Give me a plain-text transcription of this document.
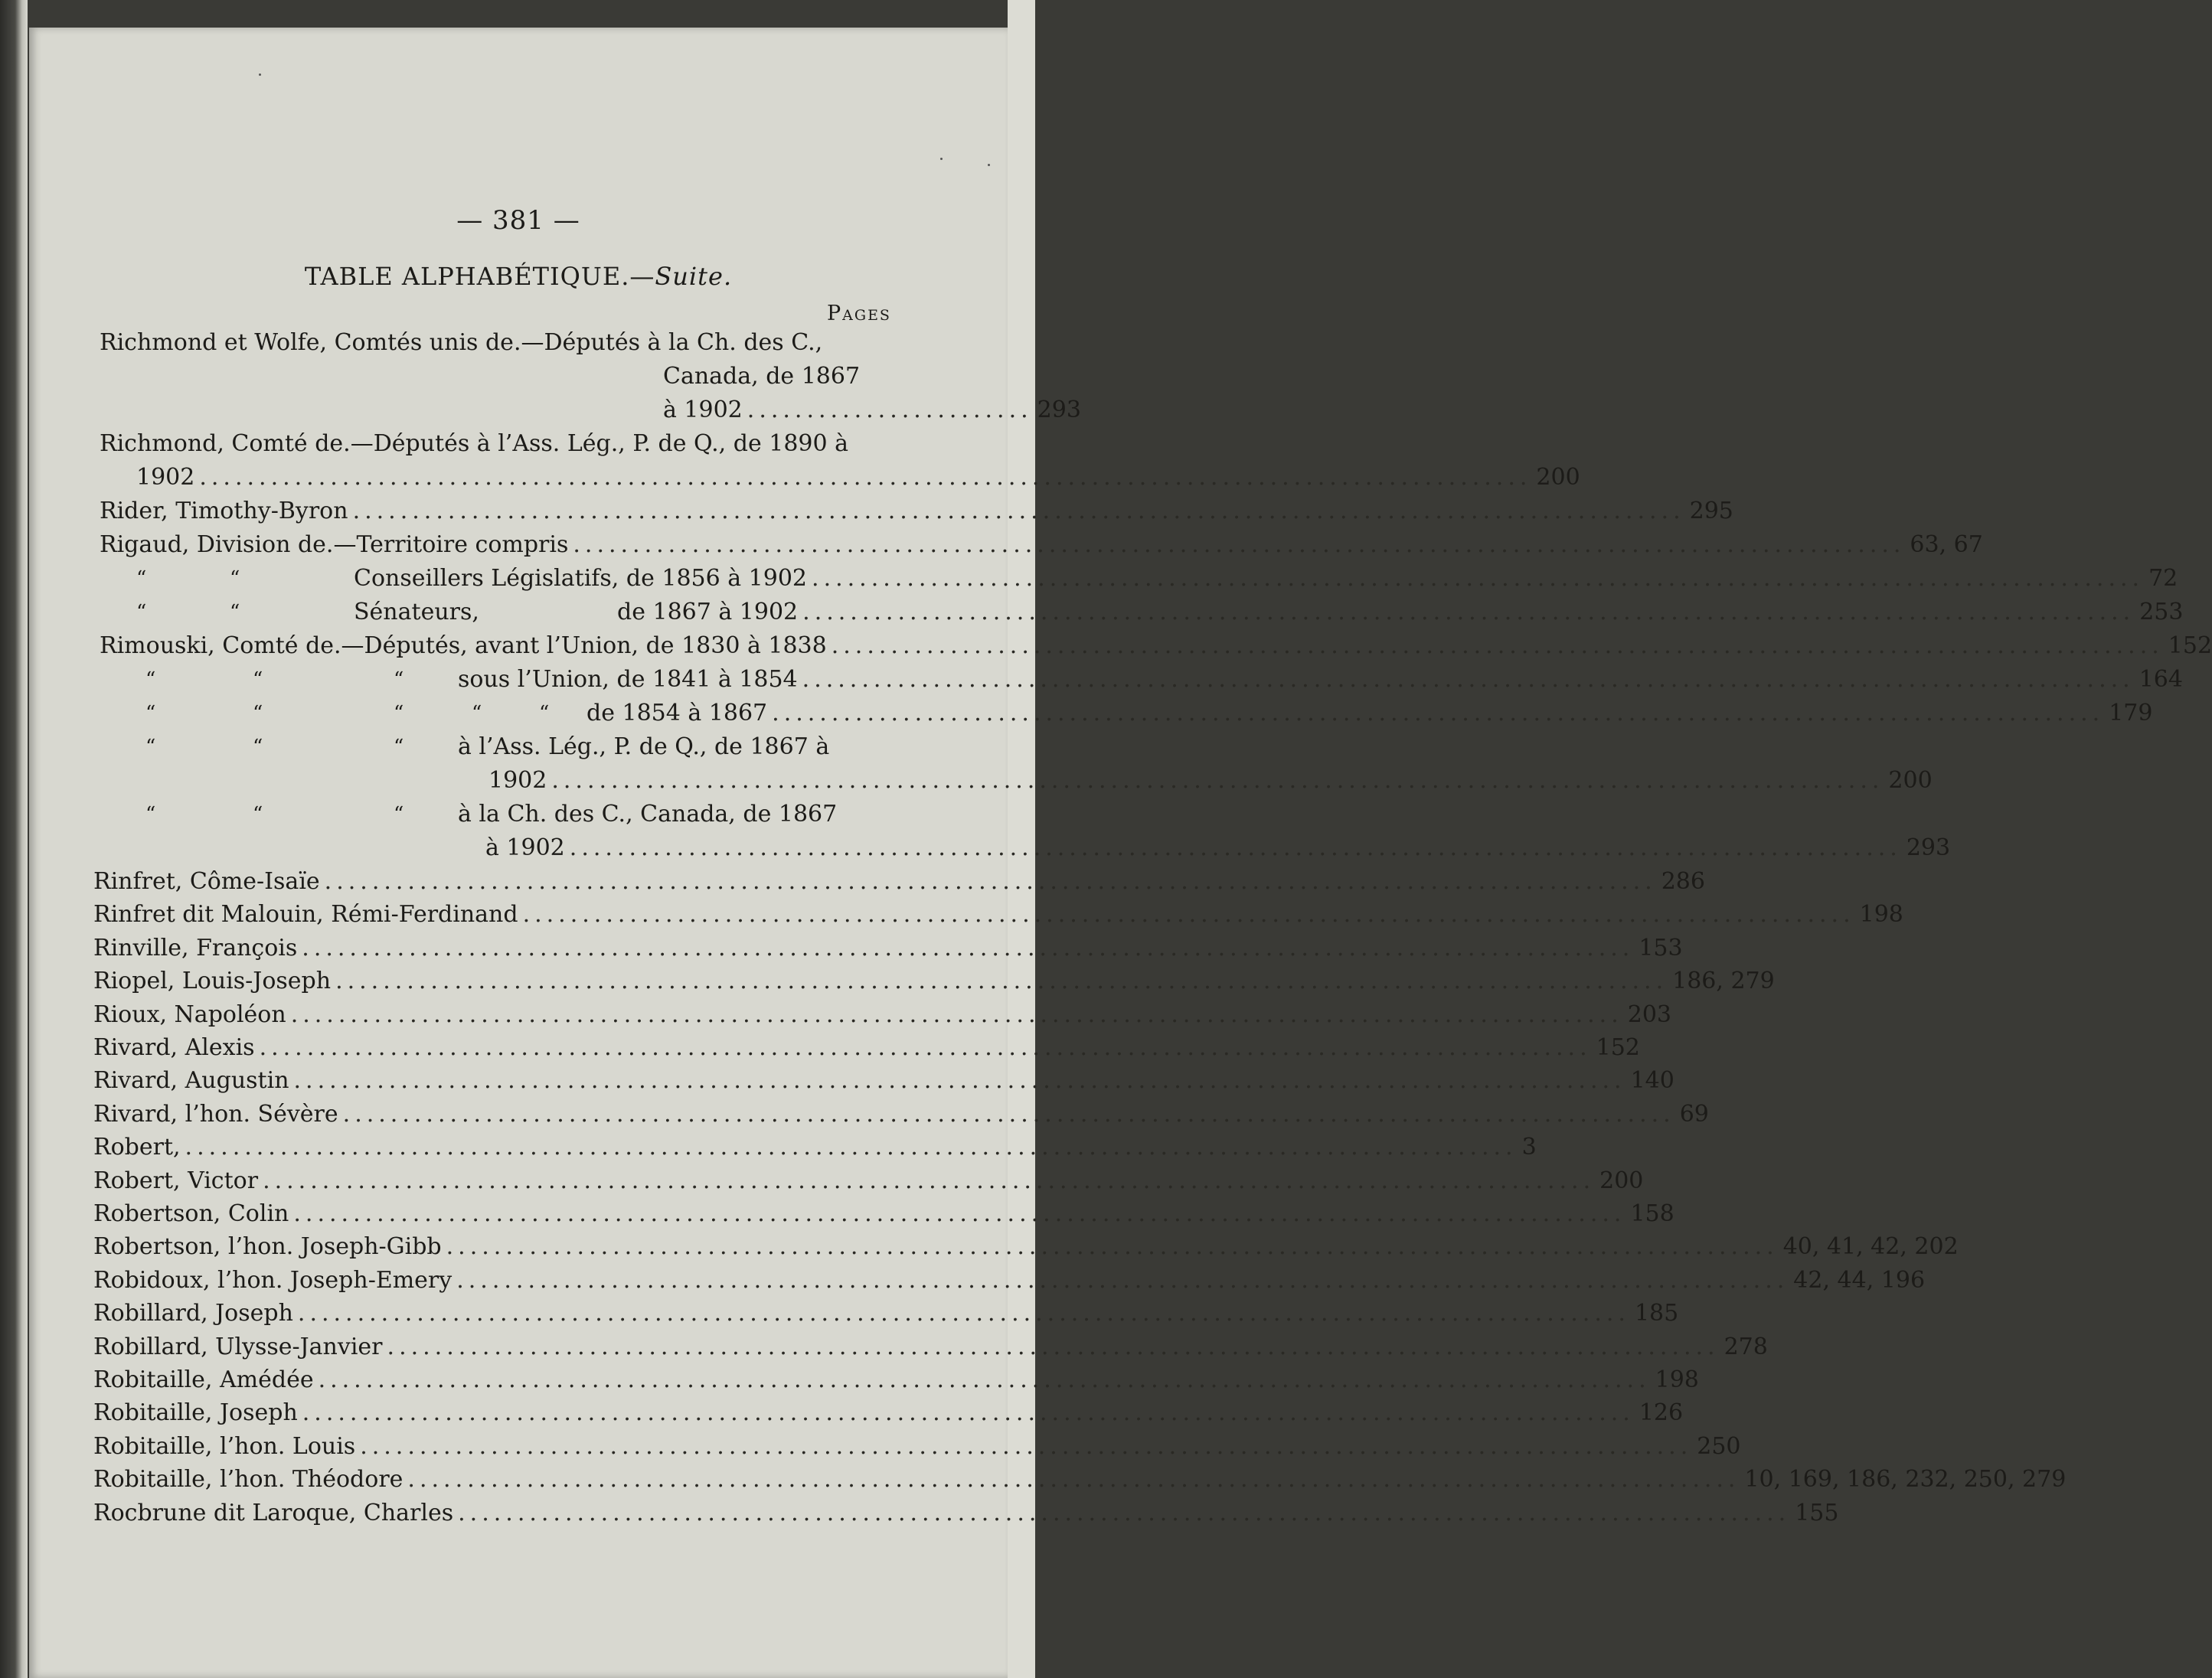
— 381 —
TABLE ALPHABÉTIQUE.—Suite.
Pages
Richmond et Wolfe, Comtés unis de.—Députés à la Ch. des C.,
Canada, de 1867
à 1902 ........................ 293
Richmond, Comté de.—Députés à l’Ass. Lég., P. de Q., de 1890 à
1902 ................................................................................................................ 200
Rider, Timothy-Byron ................................................................................................................ 295
Rigaud, Division de.—Territoire compris ................................................................................................................ 63, 67
“	“	Conseillers Législatifs, de 1856 à 1902 ................................................................................................................ 72
“	“	Sénateurs,	de 1867 à 1902 ................................................................................................................ 253
Rimouski, Comté de.—Députés, avant l’Union, de 1830 à 1838 ................................................................................................................ 152
“	“	“ sous l’Union, de 1841 à 1854 ................................................................................................................ 164
“	“	“	“	“ de 1854 à 1867 ................................................................................................................ 179
“	“	“ à l’Ass. Lég., P. de Q., de 1867 à
1902 ................................................................................................................ 200
“	“	“ à la Ch. des C., Canada, de 1867
à 1902 ................................................................................................................ 293
Rinfret, Côme-Isaïe ................................................................................................................ 286
Rinfret dit Malouin, Rémi-Ferdinand ................................................................................................................ 198
Rinville, François ................................................................................................................ 153
Riopel, Louis-Joseph ................................................................................................................ 186, 279
Rioux, Napoléon ................................................................................................................ 203
Rivard, Alexis ................................................................................................................ 152
Rivard, Augustin ................................................................................................................ 140
Rivard, l’hon. Sévère ................................................................................................................ 69
Robert, ................................................................................................................ 3
Robert, Victor ................................................................................................................ 200
Robertson, Colin ................................................................................................................ 158
Robertson, l’hon. Joseph-Gibb ................................................................................................................ 40, 41, 42, 202
Robidoux, l’hon. Joseph-Emery ................................................................................................................ 42, 44, 196
Robillard, Joseph ................................................................................................................ 185
Robillard, Ulysse-Janvier ................................................................................................................ 278
Robitaille, Amédée ................................................................................................................ 198
Robitaille, Joseph ................................................................................................................ 126
Robitaille, l’hon. Louis ................................................................................................................ 250
Robitaille, l’hon. Théodore ................................................................................................................ 10, 169, 186, 232, 250, 279
Rocbrune dit Laroque, Charles ................................................................................................................ 155
